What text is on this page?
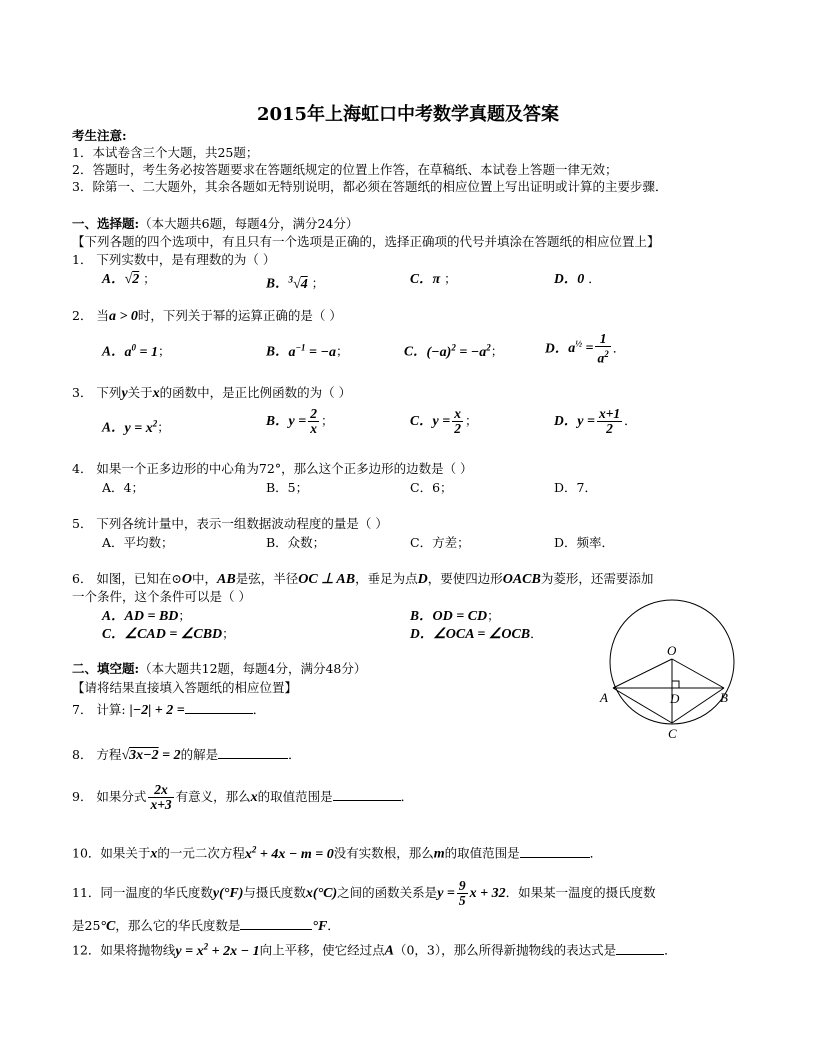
2015年上海虹口中考数学真题及答案
考生注意:
1．本试卷含三个大题，共25题；
2．答题时，考生务必按答题要求在答题纸规定的位置上作答，在草稿纸、本试卷上答题一律无效；
3．除第一、二大题外，其余各题如无特别说明，都必须在答题纸的相应位置上写出证明或计算的主要步骤．
一、选择题:（本大题共6题，每题4分，满分24分）
【下列各题的四个选项中，有且只有一个选项是正确的，选择正确项的代号并填涂在答题纸的相应位置上】
1． 下列实数中，是有理数的为（ ）
A．√2 ；	B．$^3$√4 ；	C．π ；	D．0 ．
2． 当a > 0时，下列关于幂的运算正确的是（ ）
A．$a^0 = 1$；	B．$a^{-1} = -a$；	C．$(-a)^2 = -a^2$；	D．$a^{\frac{1}{2}} = \frac{1}{a^2}$ ．
3． 下列y关于x的函数中，是正比例函数的为（ ）
A．$y = x^2$；	B．$y = \frac{2}{x}$ ；	C．$y = \frac{x}{2}$ ；	D．$y = \frac{x+1}{2}$ ．
4． 如果一个正多边形的中心角为72°，那么这个正多边形的边数是（ ）
A．4；	B．5；	C．6；	D．7．
5． 下列各统计量中，表示一组数据波动程度的量是（ ）
A．平均数；	B．众数；	C．方差；	D．频率．
6． 如图，已知在⊙O中，AB是弦，半径OC ⊥ AB，垂足为点D，要使四边形OACB为菱形，还需要添加
一个条件，这个条件可以是（ ）
A．AD = BD；	B．OD = CD；
C．∠CAD = ∠CBD；	D．∠OCA = ∠OCB．
O
A	B
C
D
二、填空题:（本大题共12题，每题4分，满分48分）
【请将结果直接填入答题纸的相应位置】
7． 计算: |−2| + 2 =	．
8． 方程√3x−2 = 2的解是	．
9． 如果分式 $\frac{2x}{x+3}$ 有意义，那么x的取值范围是	．
10．如果关于x的一元二次方程$x^2 + 4x - m = 0$没有实数根，那么m的取值范围是	．
11．同一温度的华氏度数y(°F)与摄氏度数x(°C)之间的函数关系是$y = \frac{9}{5}$ x + 32．如果某一温度的摄氏度数
是25°C，那么它的华氏度数是	°F．
12．如果将抛物线$y = x^2 + 2x - 1$向上平移，使它经过点A（0，3），那么所得新抛物线的表达式是	．
